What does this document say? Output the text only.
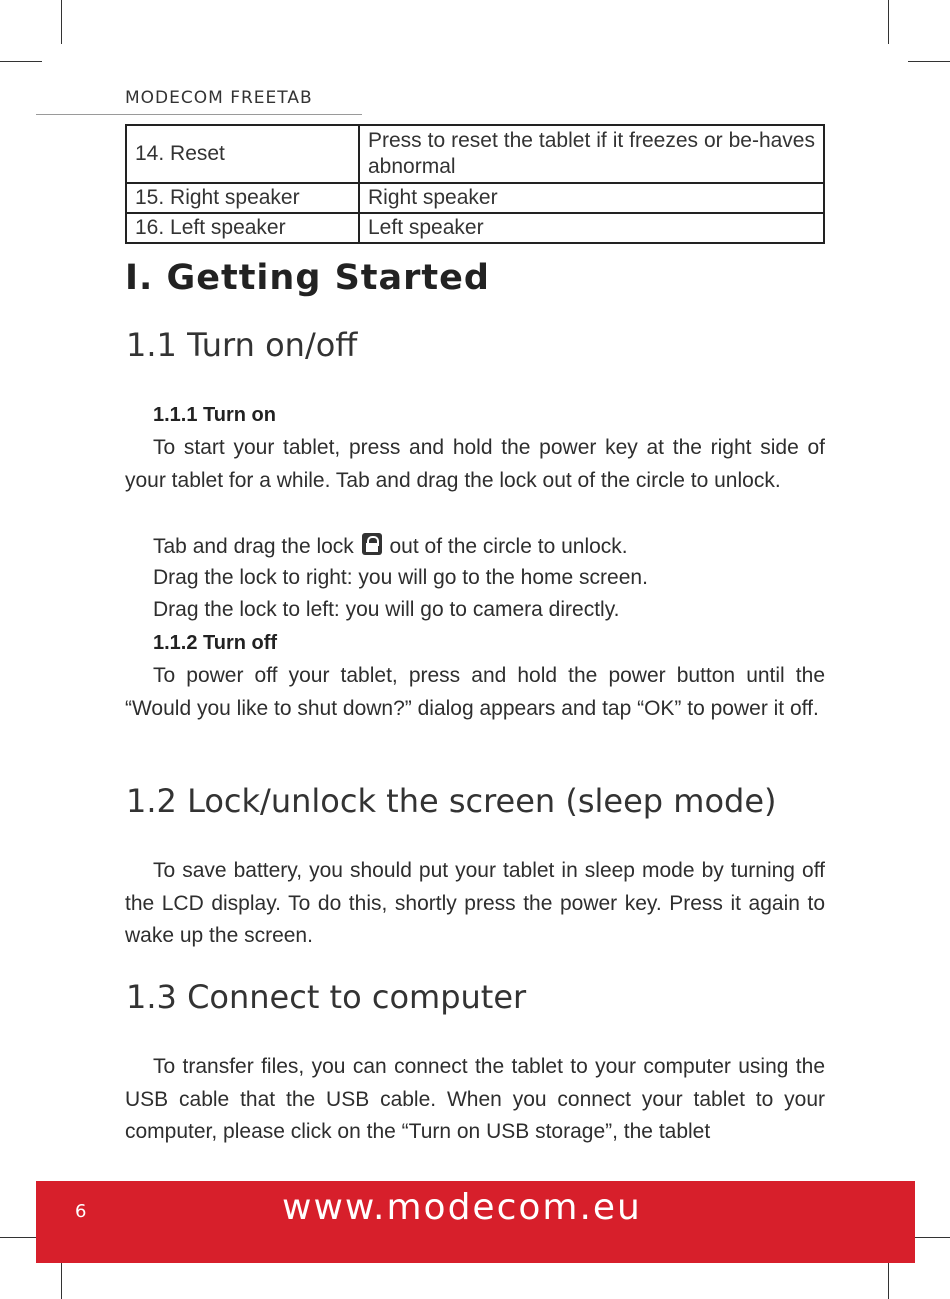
MODECOM FREETAB
14. Reset	Press to reset the tablet if it freezes or be-haves abnormal
15. Right speaker	Right speaker
16. Left speaker	Left speaker
I. Getting Started
1.1 Turn on/off
1.1.1 Turn on

To start your tablet, press and hold the power key at the right side of your tablet for a while. Tab and drag the lock out of the circle to unlock.

Tab and drag the lock out of the circle to unlock.
Drag the lock to right: you will go to the home screen.
Drag the lock to left: you will go to camera directly.
1.1.2 Turn off

To power off your tablet, press and hold the power button until the “Would you like to shut down?” dialog appears and tap “OK” to power it off.

1.2 Lock/unlock the screen (sleep mode)

To save battery, you should put your tablet in sleep mode by turning off the LCD display. To do this, shortly press the power key. Press it again to wake up the screen.

1.3 Connect to computer

To transfer files, you can connect the tablet to your computer using the USB cable that the USB cable. When you connect your tablet to your computer, please click on the “Turn on USB storage”, the tablet

6	www.modecom.eu
